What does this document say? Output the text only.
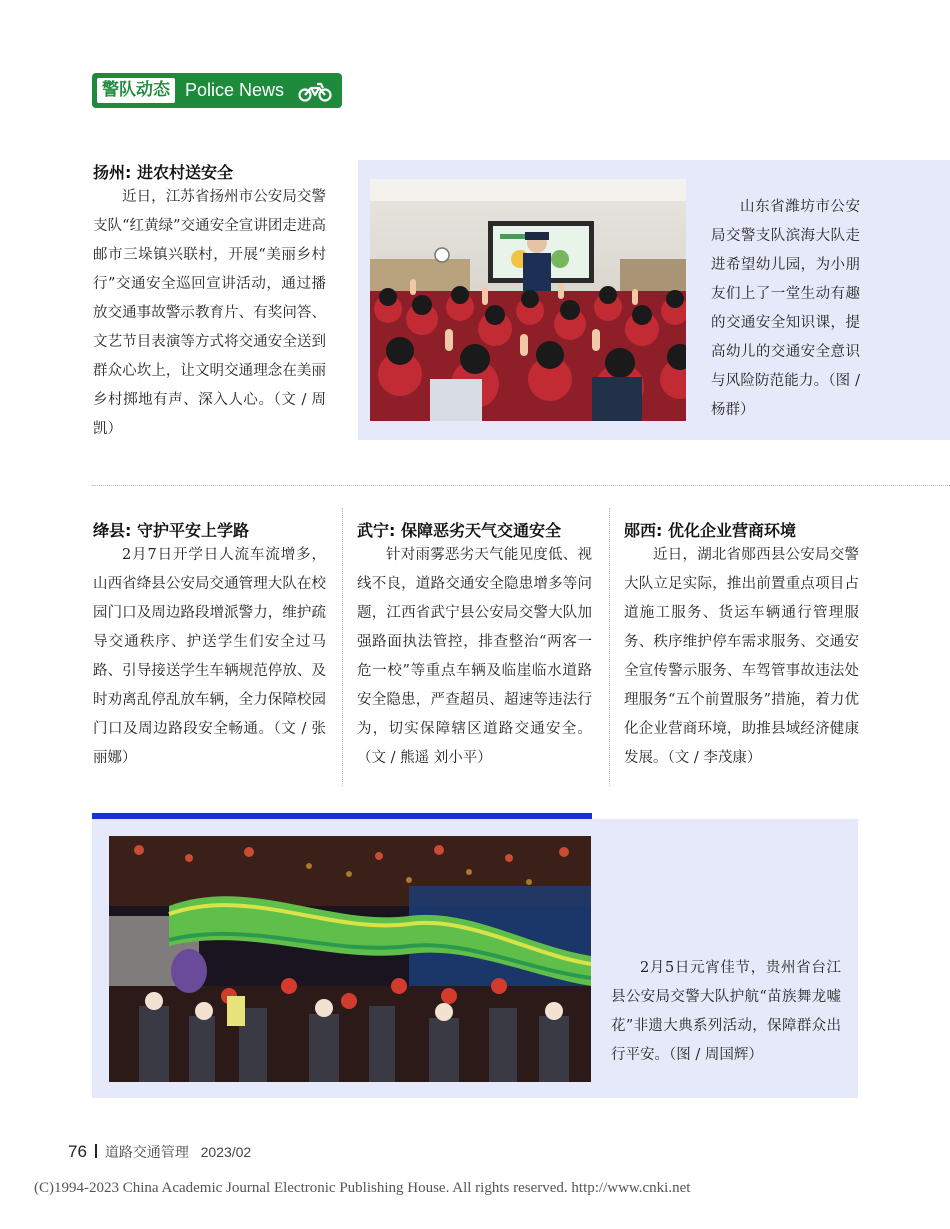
警队动态 Police News
扬州: 进农村送安全

近日，江苏省扬州市公安局交警支队“红黄绿”交通安全宣讲团走进高邮市三垛镇兴联村，开展“美丽乡村行”交通安全巡回宣讲活动，通过播放交通事故警示教育片、有奖问答、文艺节目表演等方式将交通安全送到群众心坎上，让文明交通理念在美丽乡村掷地有声、深入人心。（文 / 周凯）

山东省潍坊市公安局交警支队滨海大队走进希望幼儿园，为小朋友们上了一堂生动有趣的交通安全知识课，提高幼儿的交通安全意识与风险防范能力。（图 / 杨群）

绛县: 守护平安上学路

2月7日开学日人流车流增多，山西省绛县公安局交通管理大队在校园门口及周边路段增派警力，维护疏导交通秩序、护送学生们安全过马路、引导接送学生车辆规范停放、及时劝离乱停乱放车辆，全力保障校园门口及周边路段安全畅通。（文 / 张丽娜）

武宁: 保障恶劣天气交通安全

针对雨雾恶劣天气能见度低、视线不良，道路交通安全隐患增多等问题，江西省武宁县公安局交警大队加强路面执法管控，排查整治“两客一危一校”等重点车辆及临崖临水道路安全隐患，严查超员、超速等违法行为，切实保障辖区道路交通安全。（文 / 熊遥 刘小平）

郧西: 优化企业营商环境

近日，湖北省郧西县公安局交警大队立足实际，推出前置重点项目占道施工服务、货运车辆通行管理服务、秩序维护停车需求服务、交通安全宣传警示服务、车驾管事故违法处理服务“五个前置服务”措施，着力优化企业营商环境，助推县域经济健康发展。（文 / 李茂康）

2月5日元宵佳节，贵州省台江县公安局交警大队护航“苗族舞龙嘘花”非遗大典系列活动，保障群众出行平安。（图 / 周国辉）

76 道路交通管理 2023/02
(C)1994-2023 China Academic Journal Electronic Publishing House. All rights reserved. http://www.cnki.net
